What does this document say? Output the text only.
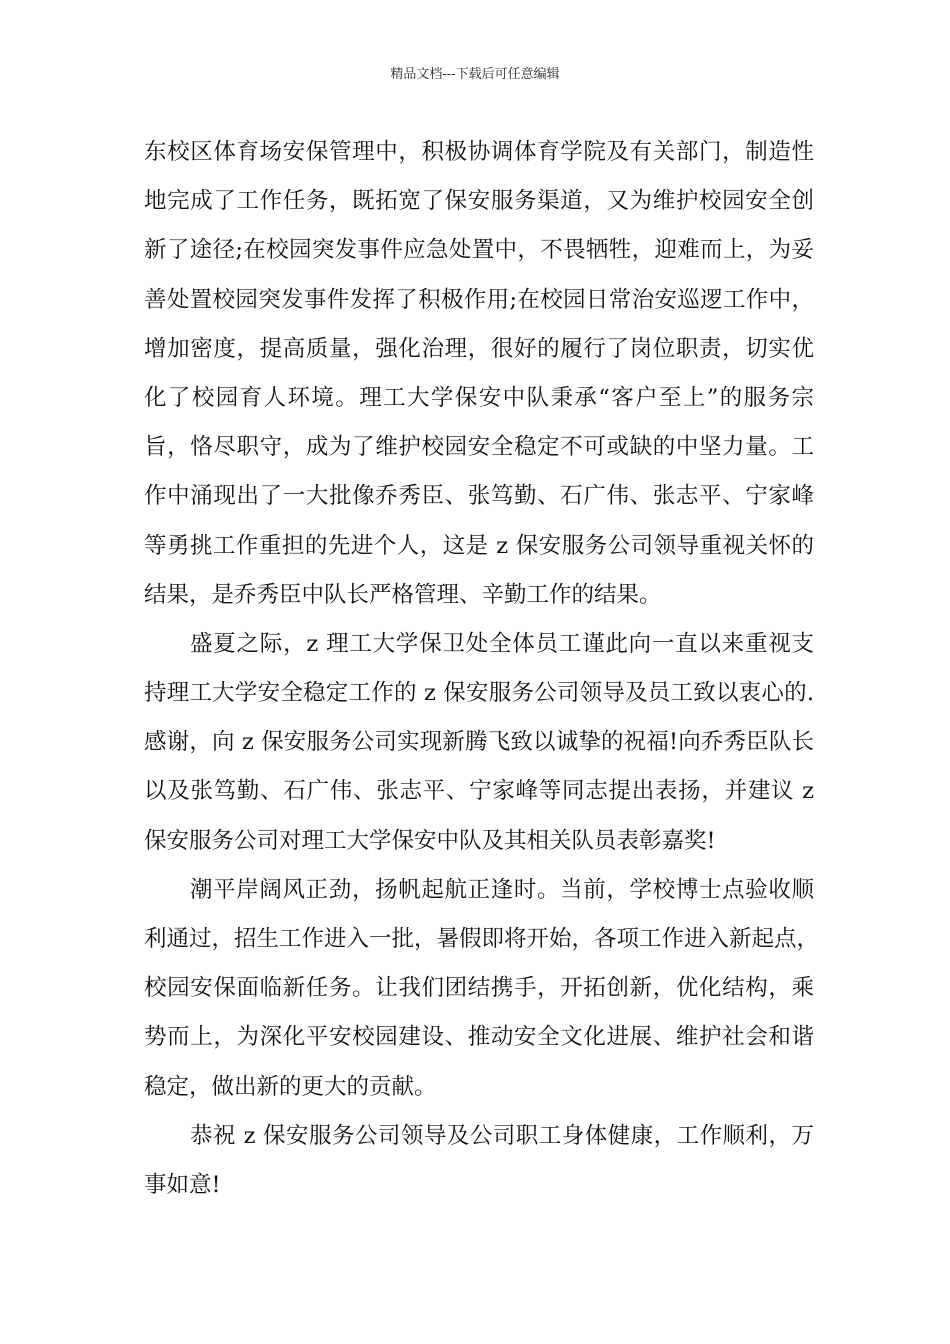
精品文档---下载后可任意编辑
东校区体育场安保管理中，积极协调体育学院及有关部门，制造性
地完成了工作任务，既拓宽了保安服务渠道，又为维护校园安全创
新了途径;在校园突发事件应急处置中，不畏牺牲，迎难而上，为妥
善处置校园突发事件发挥了积极作用;在校园日常治安巡逻工作中，
增加密度，提高质量，强化治理，很好的履行了岗位职责，切实优
化了校园育人环境。理工大学保安中队秉承“客户至上”的服务宗
旨，恪尽职守，成为了维护校园安全稳定不可或缺的中坚力量。工
作中涌现出了一大批像乔秀臣、张笃勤、石广伟、张志平、宁家峰
等勇挑工作重担的先进个人，这是 z 保安服务公司领导重视关怀的
结果，是乔秀臣中队长严格管理、辛勤工作的结果。
盛夏之际，z 理工大学保卫处全体员工谨此向一直以来重视支
持理工大学安全稳定工作的 z 保安服务公司领导及员工致以衷心的.
感谢，向 z 保安服务公司实现新腾飞致以诚挚的祝福!向乔秀臣队长
以及张笃勤、石广伟、张志平、宁家峰等同志提出表扬，并建议 z
保安服务公司对理工大学保安中队及其相关队员表彰嘉奖!
潮平岸阔风正劲，扬帆起航正逢时。当前，学校博士点验收顺
利通过，招生工作进入一批，暑假即将开始，各项工作进入新起点，
校园安保面临新任务。让我们团结携手，开拓创新，优化结构，乘
势而上，为深化平安校园建设、推动安全文化进展、维护社会和谐
稳定，做出新的更大的贡献。
恭祝 z 保安服务公司领导及公司职工身体健康，工作顺利，万
事如意!
